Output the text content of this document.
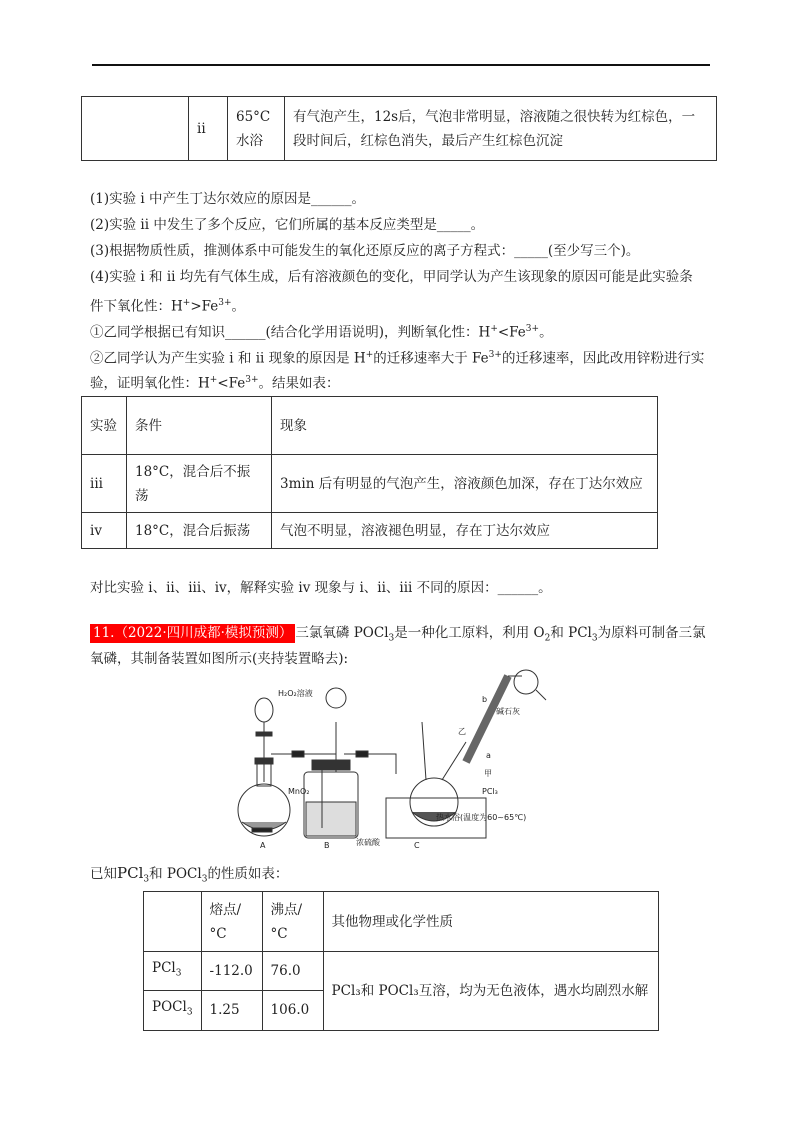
	ii	65°C水浴	有气泡产生，12s后，气泡非常明显，溶液随之很快转为红棕色，一段时间后，红棕色消失，最后产生红棕色沉淀
(1)实验 i 中产生丁达尔效应的原因是______。
(2)实验 ii 中发生了多个反应，它们所属的基本反应类型是_____。
(3)根据物质性质，推测体系中可能发生的氧化还原反应的离子方程式：_____(至少写三个)。
(4)实验 i 和 ii 均先有气体生成，后有溶液颜色的变化，甲同学认为产生该现象的原因可能是此实验条
件下氧化性：$H^+>Fe^{3+}$。
①乙同学根据已有知识______(结合化学用语说明)，判断氧化性：$H^+<Fe^{3+}$。
②乙同学认为产生实验 i 和 ii 现象的原因是 H+的迁移速率大于 $Fe^{3+}$的迁移速率，因此改用锌粉进行实
验，证明氧化性：$H^+<Fe^{3+}$。结果如表：
实验	条件	现象
iii	18°C，混合后不振荡	3min 后有明显的气泡产生，溶液颜色加深，存在丁达尔效应
iv	18°C，混合后振荡	气泡不明显，溶液褪色明显，存在丁达尔效应
对比实验 i、ii、iii、iv，解释实验 iv 现象与 i、ii、iii 不同的原因：______。
11.（2022·四川成都·模拟预测） 三氯氧磷 POCl$_3$是一种化工原料，利用 $O_2$和 PCl$_3$为原料可制备三氯
氧磷，其制备装置如图所示(夹持装置略去):
H₂O₂溶液
MnO₂
浓硫酸
A	B	C
b
a
乙
甲
PCl₃
热水浴(温度为60~65℃)
碱石灰
已知PCl$_3$和 POCl$_3$的性质如表：
	熔点/°C	沸点/°C	其他物理或化学性质
PCl$_3$	-112.0	76.0	PCl₃和 POCl₃互溶，均为无色液体，遇水均剧烈水解
POCl$_3$	1.25	106.0	
